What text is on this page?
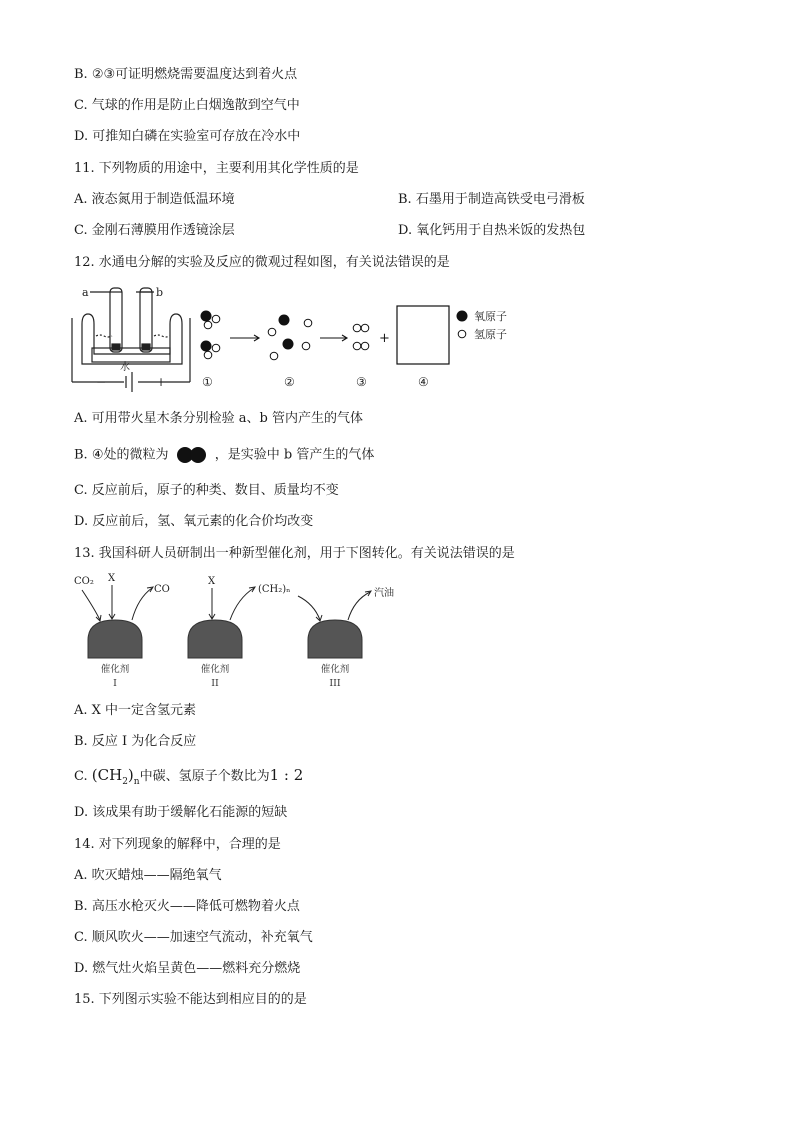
B. ②③可证明燃烧需要温度达到着火点
C. 气球的作用是防止白烟逸散到空气中
D. 可推知白磷在实验室可存放在冷水中
11. 下列物质的用途中，主要利用其化学性质的是
A. 液态氮用于制造低温环境	B. 石墨用于制造高铁受电弓滑板
C. 金刚石薄膜用作透镜涂层	D. 氧化钙用于自热米饭的发热包
12. 水通电分解的实验及反应的微观过程如图，有关说法错误的是
a	b
水
−	+
+
氧原子
氢原子
①	②	③	④
A. 可用带火星木条分别检验 a、b 管内产生的气体
B. ④处的微粒为	，是实验中 b 管产生的气体
C. 反应前后，原子的种类、数目、质量均不变
D. 反应前后，氢、氧元素的化合价均改变
13. 我国科研人员研制出一种新型催化剂，用于下图转化。有关说法错误的是
CO₂ X
CO
X
(CH₂)ₙ	汽油
催化剂
I
催化剂
II
催化剂
III
A. X 中一定含氢元素
B. 反应 I 为化合反应
C. $(CH_2)_n$中碳、氢原子个数比为1 : 2
D. 该成果有助于缓解化石能源的短缺
14. 对下列现象的解释中，合理的是
A. 吹灭蜡烛——隔绝氧气
B. 高压水枪灭火——降低可燃物着火点
C. 顺风吹火——加速空气流动，补充氧气
D. 燃气灶火焰呈黄色——燃料充分燃烧
15. 下列图示实验不能达到相应目的的是
